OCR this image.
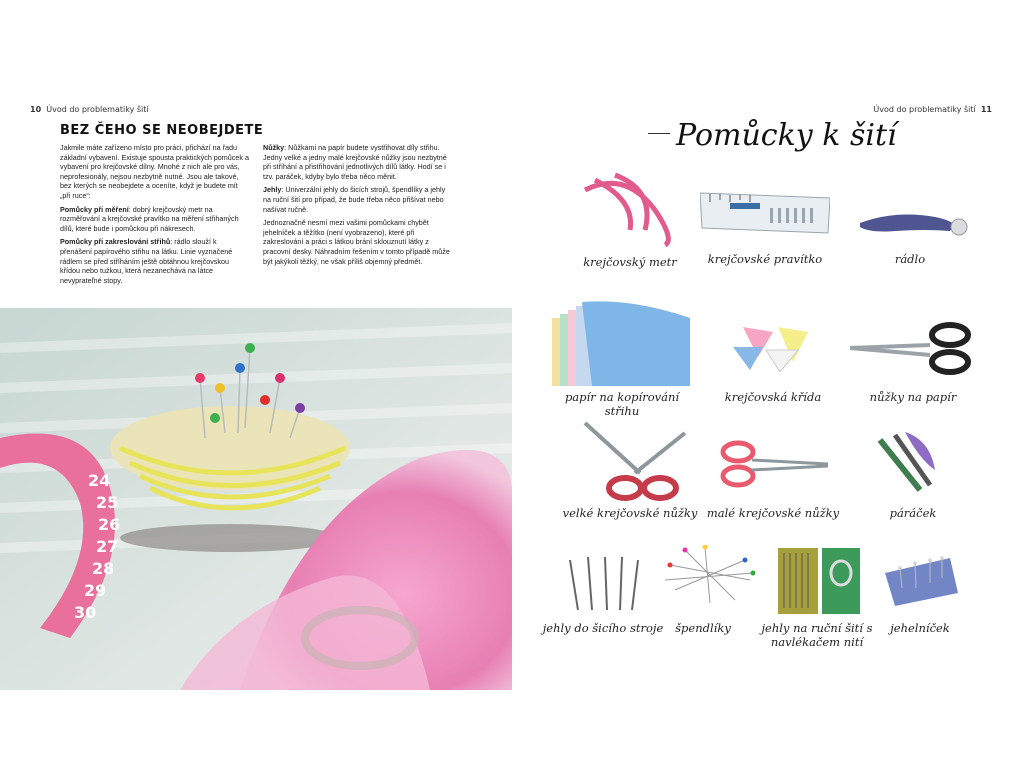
10 Úvod do problematiky šití	Úvod do problematiky šití 11
BEZ ČEHO SE NEOBEJDETE

Jakmile máte zařízeno místo pro práci, přichází na řadu základní vybavení. Existuje spousta praktických pomůcek a vybavení pro krejčovské dílny. Mnohé z nich ale pro vás, neprofesionály, nejsou nezbytně nutné. Jsou ale takové, bez kterých se neobejdete a oceníte, když je budete mít „při ruce“:

Pomůcky při měření: dobrý krejčovský metr na rozměřování a krejčovské pravítko na měření střihaných dílů, které bude i pomůckou při nákresech.

Pomůcky při zakreslování střihů: rádlo slouží k přenášení papírového střihu na látku. Linie vyznačené rádlem se před stříháním ještě obtáhnou krejčovskou křídou nebo tužkou, která nezanechává na látce nevyprateľné stopy.

Nůžky: Nůžkami na papír budete vystřihovat díly střihu. Jedny velké a jedny malé krejčovské nůžky jsou nezbytné při stříhání a přistřihování jednotlivých dílů látky. Hodí se i tzv. paráček, kdyby bylo třeba něco měnit.

Jehly: Univerzální jehly do šicích strojů, špendlíky a jehly na ruční šití pro případ, že bude třeba něco přišívat nebo našívat ručně.

Jednoznačně nesmí mezi vašimi pomůckami chybět jehelníček a těžítko (není vyobrazeno), které při zakreslování a práci s látkou brání sklouznutí látky z pracovní desky. Náhradním řešením v tomto případě může být jakýkoli těžký, ne však příliš objemný předmět.

24
25
26
27
28
29
30
Pomůcky k šití
krejčovský metr	krejčovské pravítko	rádlo
papír na kopírování střihu
krejčovská křída	nůžky na papír
velké krejčovské nůžky malé krejčovské nůžky	páráček
jehly do šicího stroje	špendlíky	jehly na ruční šití s navlékačem nití
jehelníček
